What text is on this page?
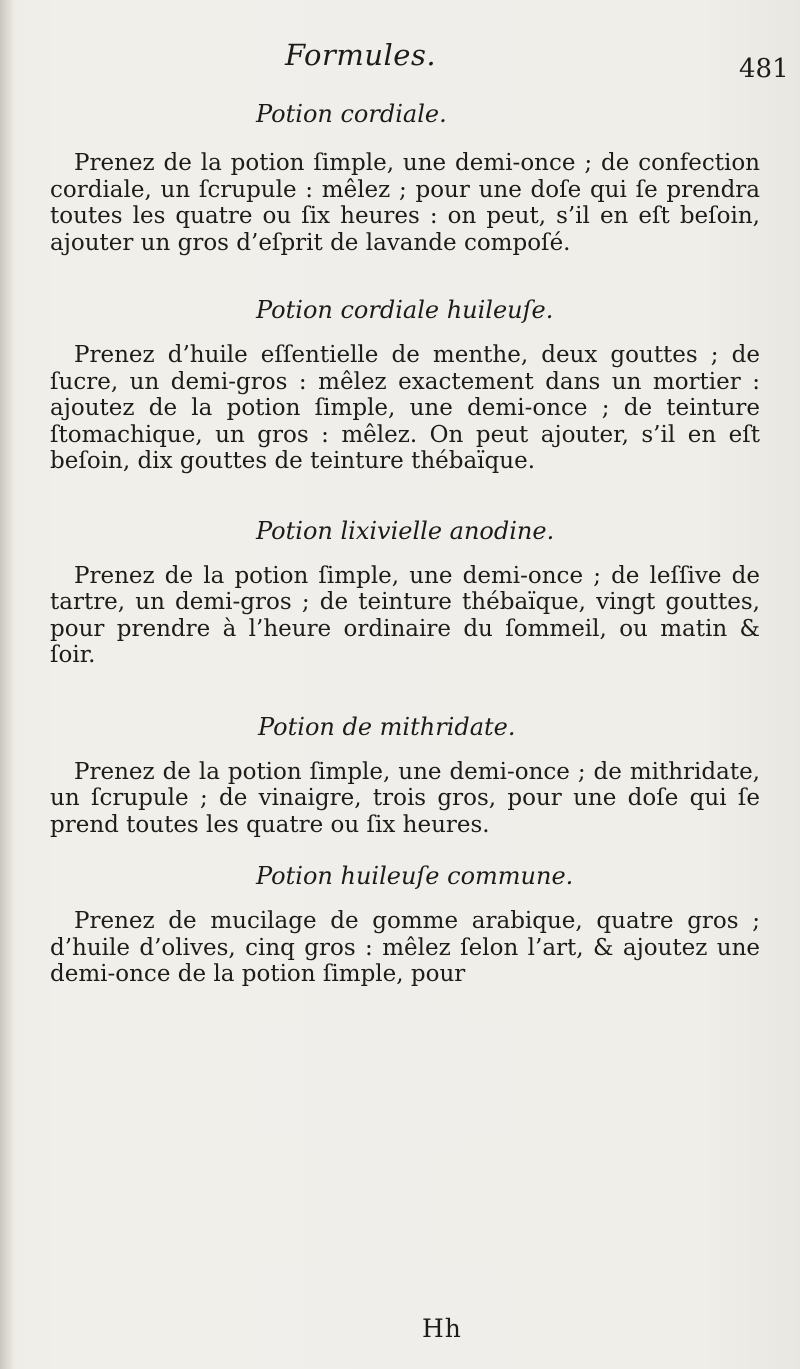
Formules.	481

Potion cordiale.

Prenez de la potion ſimple, une demi-once ; de confection cordiale, un ſcrupule : mêlez ; pour une doſe qui ſe prendra toutes les quatre ou ſix heures : on peut, s’il en eſt beſoin, ajouter un gros d’eſprit de lavande compoſé.

Potion cordiale huileuſe.

Prenez d’huile eſſentielle de menthe, deux gouttes ; de ſucre, un demi-gros : mêlez exactement dans un mortier : ajoutez de la potion ſimple, une demi-once ; de teinture ſtomachique, un gros : mêlez. On peut ajouter, s’il en eſt beſoin, dix gouttes de teinture thébaïque.

Potion lixivielle anodine.

Prenez de la potion ſimple, une demi-once ; de leſſive de tartre, un demi-gros ; de teinture thébaïque, vingt gouttes, pour prendre à l’heure ordinaire du ſommeil, ou matin & ſoir.

Potion de mithridate.

Prenez de la potion ſimple, une demi-once ; de mithridate, un ſcrupule ; de vinaigre, trois gros, pour une doſe qui ſe prend toutes les quatre ou ſix heures.

Potion huileuſe commune.

Prenez de mucilage de gomme arabique, quatre gros ; d’huile d’olives, cinq gros : mêlez ſelon l’art, & ajoutez une demi-once de la potion ſimple, pour

Hh
